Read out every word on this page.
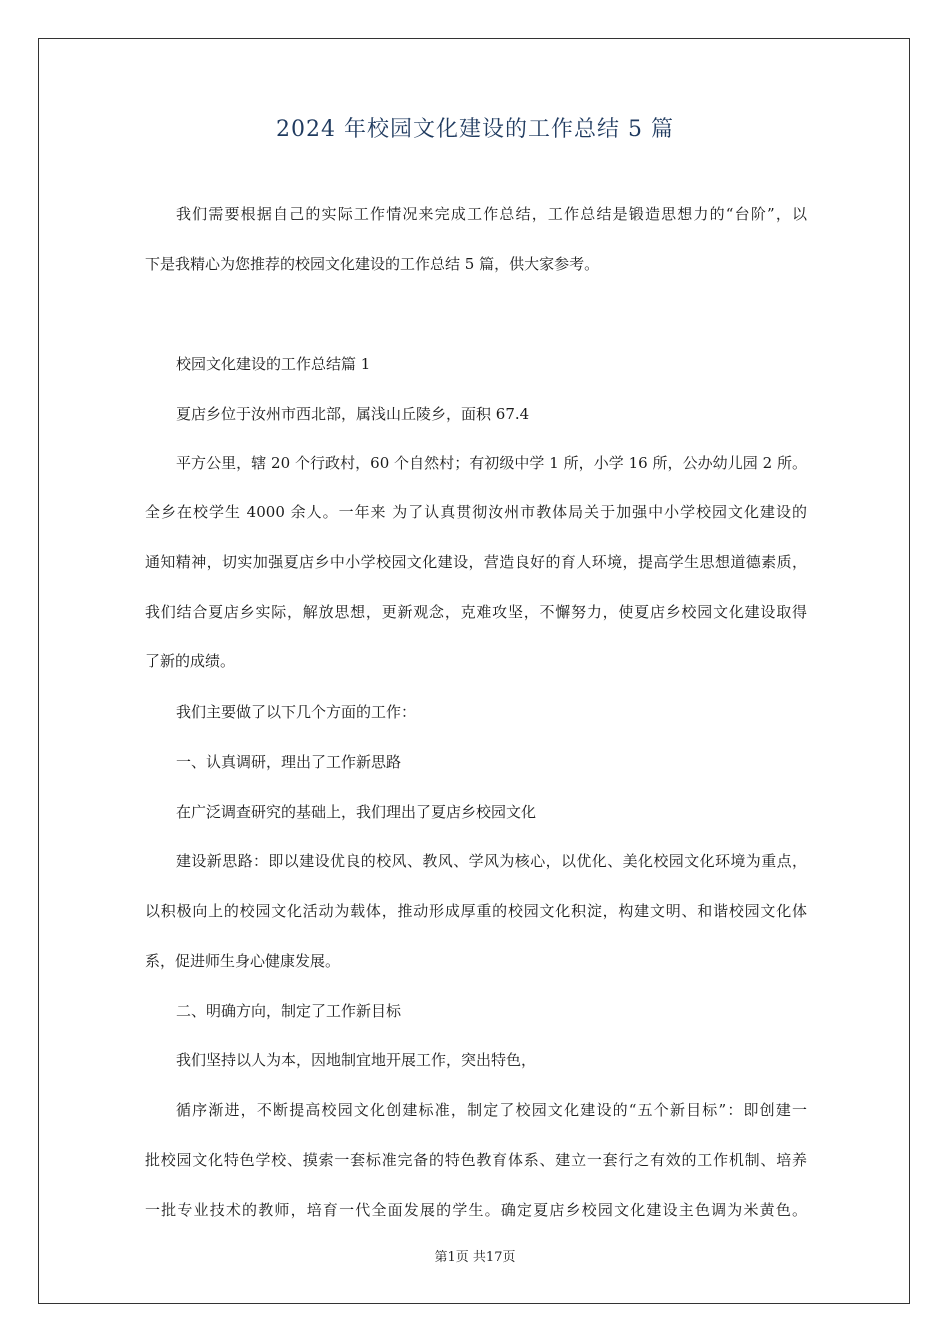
2024 年校园文化建设的工作总结 5 篇
我们需要根据自己的实际工作情况来完成工作总结，工作总结是锻造思想力的“台阶”，以
下是我精心为您推荐的校园文化建设的工作总结 5 篇，供大家参考。
校园文化建设的工作总结篇 1
夏店乡位于汝州市西北部，属浅山丘陵乡，面积 67.4
平方公里，辖 20 个行政村，60 个自然村；有初级中学 1 所，小学 16 所，公办幼儿园 2 所。
全乡在校学生 4000 余人。一年来 为了认真贯彻汝州市教体局关于加强中小学校园文化建设的
通知精神，切实加强夏店乡中小学校园文化建设，营造良好的育人环境，提高学生思想道德素质，
我们结合夏店乡实际，解放思想，更新观念，克难攻坚，不懈努力，使夏店乡校园文化建设取得
了新的成绩。
我们主要做了以下几个方面的工作：
一、认真调研，理出了工作新思路
在广泛调查研究的基础上，我们理出了夏店乡校园文化
建设新思路：即以建设优良的校风、教风、学风为核心，以优化、美化校园文化环境为重点，
以积极向上的校园文化活动为载体，推动形成厚重的校园文化积淀，构建文明、和谐校园文化体
系，促进师生身心健康发展。
二、明确方向，制定了工作新目标
我们坚持以人为本，因地制宜地开展工作，突出特色，
循序渐进，不断提高校园文化创建标准，制定了校园文化建设的“五个新目标”：即创建一
批校园文化特色学校、摸索一套标准完备的特色教育体系、建立一套行之有效的工作机制、培养
一批专业技术的教师，培育一代全面发展的学生。确定夏店乡校园文化建设主色调为米黄色。
第1页 共17页
